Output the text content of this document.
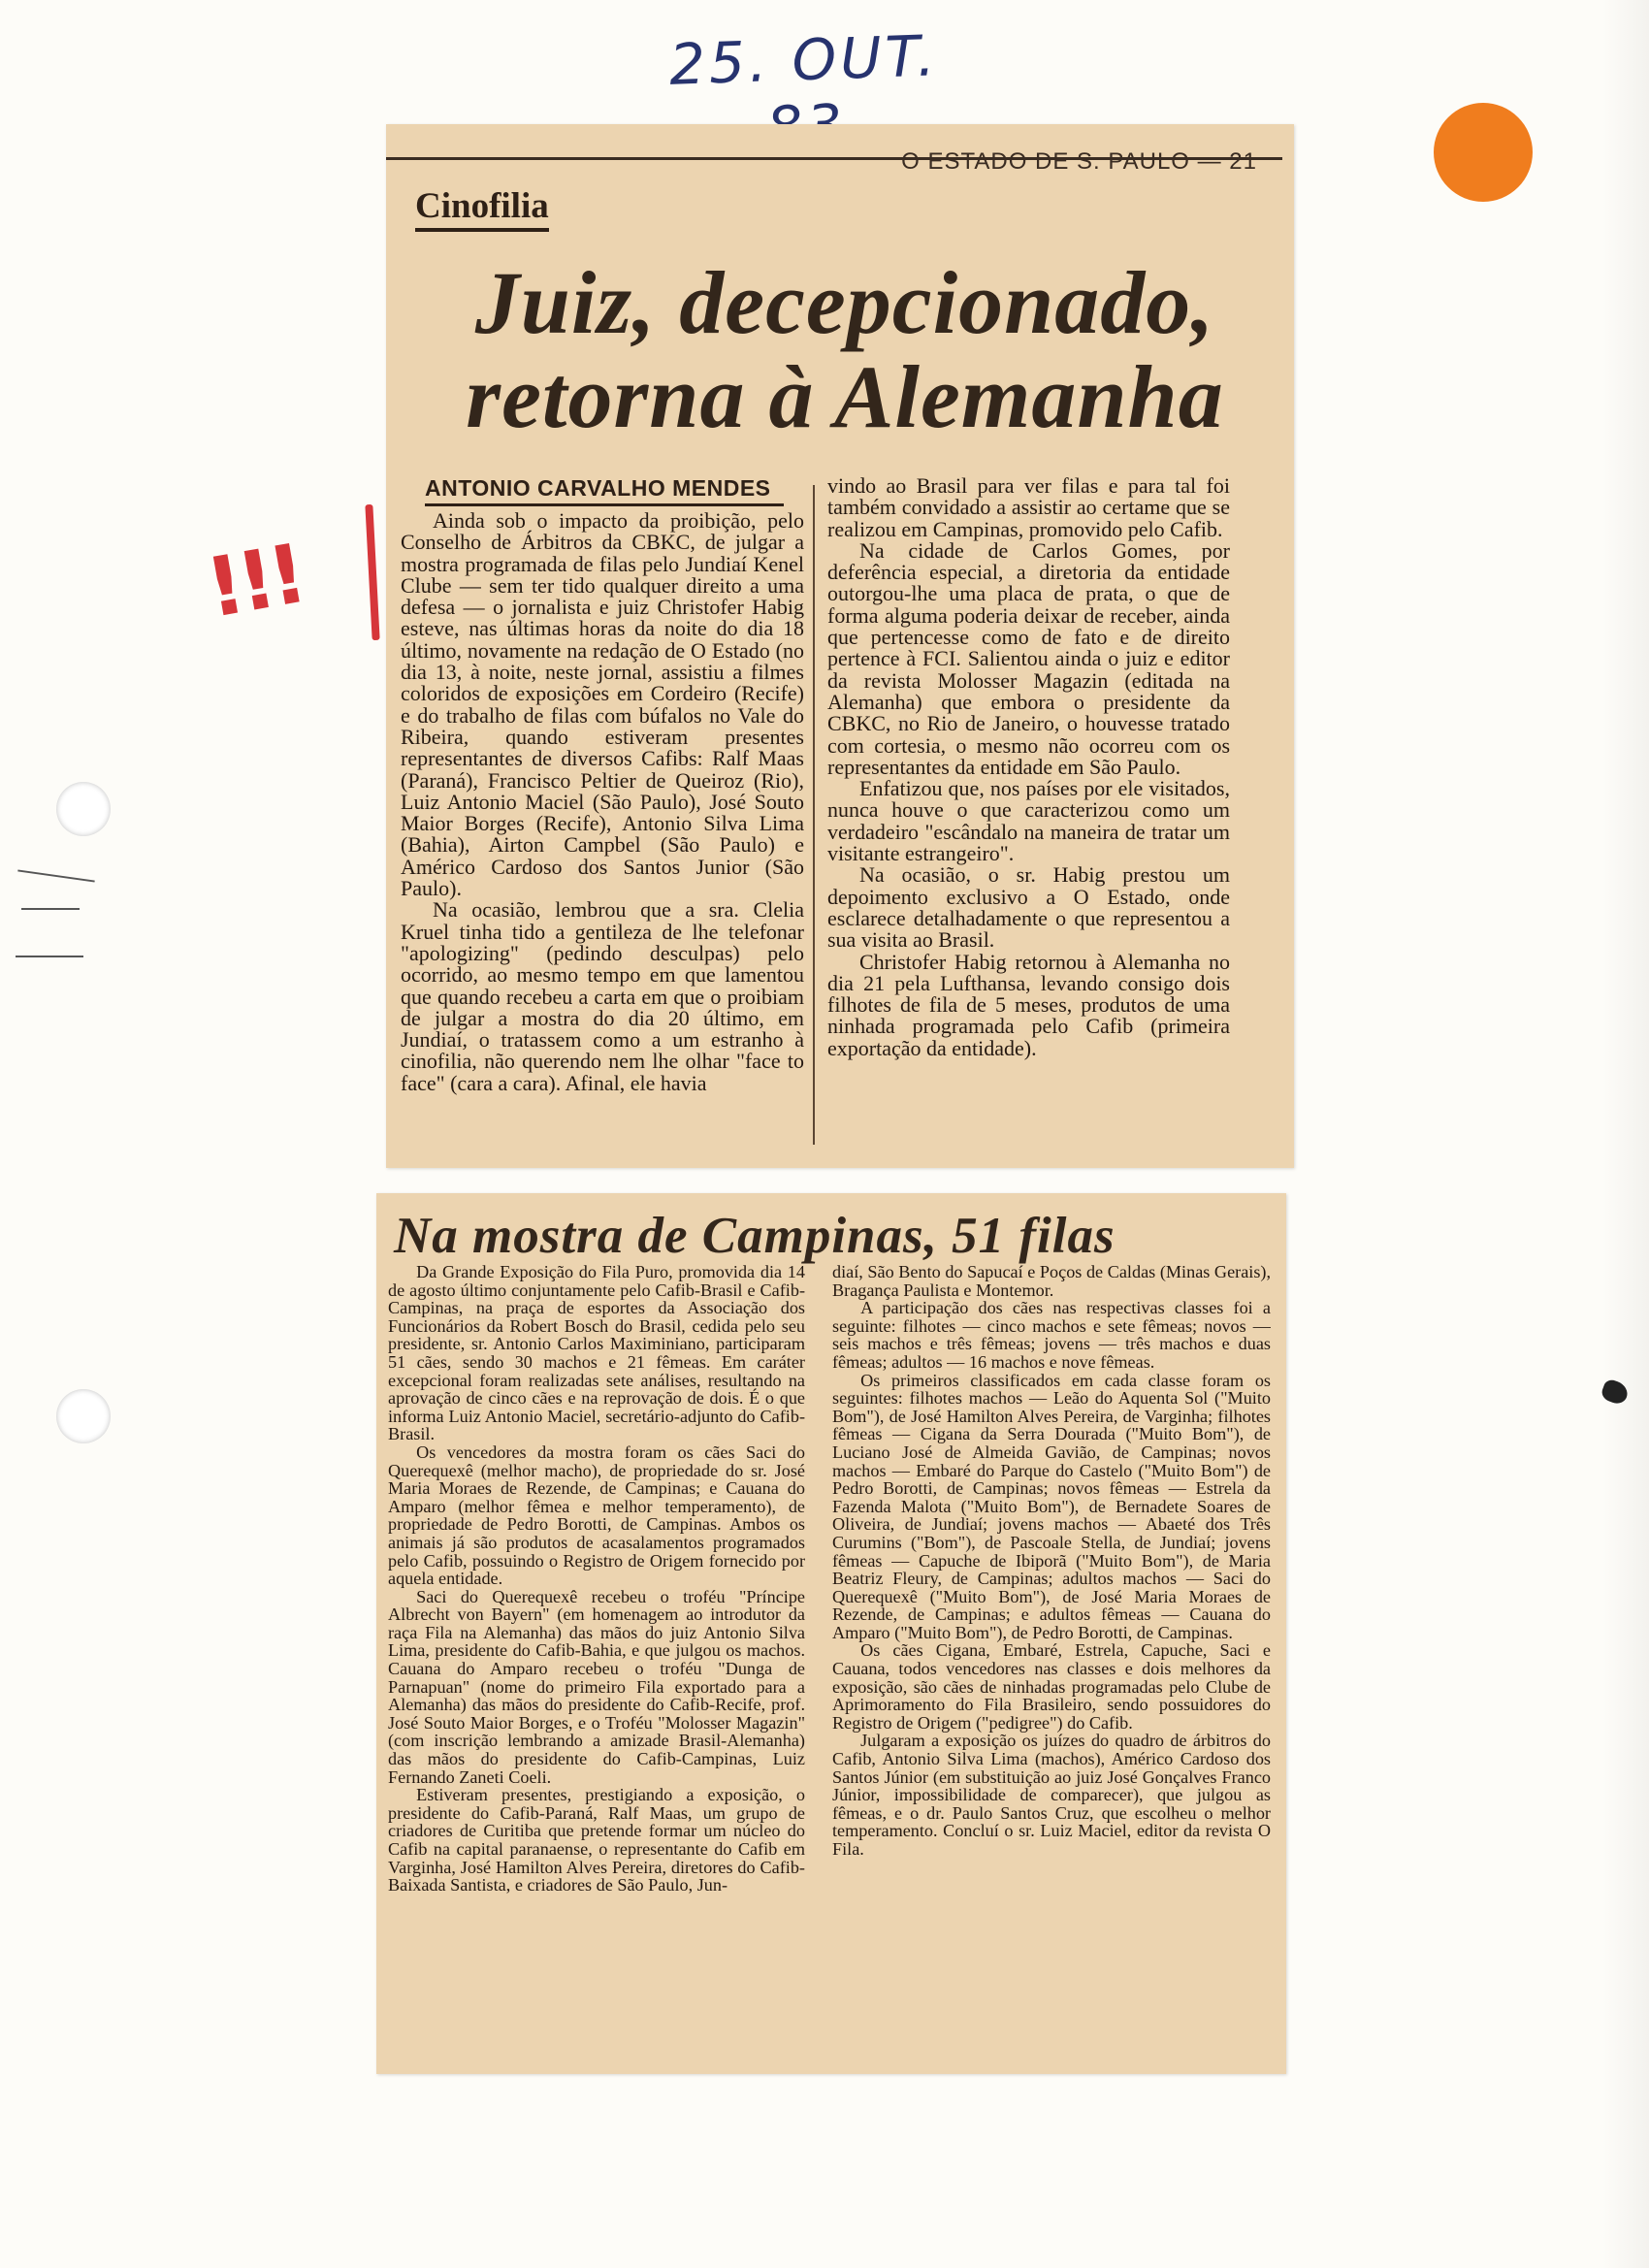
25. OUT.
!!!
O ESTADO DE S. PAULO — 21
Cinofilia
Juiz, decepcionado,
retorna à Alemanha
ANTONIO CARVALHO MENDES

Ainda sob o impacto da proibição, pelo Conselho de Árbitros da CBKC, de julgar a mostra programada de filas pelo Jundiaí Kenel Clube — sem ter tido qualquer direito a uma defesa — o jornalista e juiz Christofer Habig esteve, nas últimas horas da noite do dia 18 último, novamente na redação de O Estado (no dia 13, à noite, neste jornal, assistiu a filmes coloridos de exposições em Cordeiro (Recife) e do trabalho de filas com búfalos no Vale do Ribeira, quando estiveram presentes representantes de diversos Cafibs: Ralf Maas (Paraná), Francisco Peltier de Queiroz (Rio), Luiz Antonio Maciel (São Paulo), José Souto Maior Borges (Recife), Antonio Silva Lima (Bahia), Airton Campbel (São Paulo) e Américo Cardoso dos Santos Junior (São Paulo).

Na ocasião, lembrou que a sra. Clelia Kruel tinha tido a gentileza de lhe telefonar "apologizing" (pedindo desculpas) pelo ocorrido, ao mesmo tempo em que lamentou que quando recebeu a carta em que o proibiam de julgar a mostra do dia 20 último, em Jundiaí, o tratassem como a um estranho à cinofilia, não querendo nem lhe olhar "face to face" (cara a cara). Afinal, ele havia

vindo ao Brasil para ver filas e para tal foi também convidado a assistir ao certame que se realizou em Campinas, promovido pelo Cafib.

Na cidade de Carlos Gomes, por deferência especial, a diretoria da entidade outorgou-lhe uma placa de prata, o que de forma alguma poderia deixar de receber, ainda que pertencesse como de fato e de direito pertence à FCI. Salientou ainda o juiz e editor da revista Molosser Magazin (editada na Alemanha) que embora o presidente da CBKC, no Rio de Janeiro, o houvesse tratado com cortesia, o mesmo não ocorreu com os representantes da entidade em São Paulo.

Enfatizou que, nos países por ele visitados, nunca houve o que caracterizou como um verdadeiro "escândalo na maneira de tratar um visitante estrangeiro".

Na ocasião, o sr. Habig prestou um depoimento exclusivo a O Estado, onde esclarece detalhadamente o que representou a sua visita ao Brasil.

Christofer Habig retornou à Alemanha no dia 21 pela Lufthansa, levando consigo dois filhotes de fila de 5 meses, produtos de uma ninhada programada pelo Cafib (primeira exportação da entidade).

Na mostra de Campinas, 51 filas

Da Grande Exposição do Fila Puro, promovida dia 14 de agosto último conjuntamente pelo Cafib-Brasil e Cafib-Campinas, na praça de esportes da Associação dos Funcionários da Robert Bosch do Brasil, cedida pelo seu presidente, sr. Antonio Carlos Maximiniano, participaram 51 cães, sendo 30 machos e 21 fêmeas. Em caráter excepcional foram realizadas sete análises, resultando na aprovação de cinco cães e na reprovação de dois. É o que informa Luiz Antonio Maciel, secretário-adjunto do Cafib-Brasil.

Os vencedores da mostra foram os cães Saci do Querequexê (melhor macho), de propriedade do sr. José Maria Moraes de Rezende, de Campinas; e Cauana do Amparo (melhor fêmea e melhor temperamento), de propriedade de Pedro Borotti, de Campinas. Ambos os animais já são produtos de acasalamentos programados pelo Cafib, possuindo o Registro de Origem fornecido por aquela entidade.

Saci do Querequexê recebeu o troféu "Príncipe Albrecht von Bayern" (em homenagem ao introdutor da raça Fila na Alemanha) das mãos do juiz Antonio Silva Lima, presidente do Cafib-Bahia, e que julgou os machos. Cauana do Amparo recebeu o troféu "Dunga de Parnapuan" (nome do primeiro Fila exportado para a Alemanha) das mãos do presidente do Cafib-Recife, prof. José Souto Maior Borges, e o Troféu "Molosser Magazin" (com inscrição lembrando a amizade Brasil-Alemanha) das mãos do presidente do Cafib-Campinas, Luiz Fernando Zaneti Coeli.

Estiveram presentes, prestigiando a exposição, o presidente do Cafib-Paraná, Ralf Maas, um grupo de criadores de Curitiba que pretende formar um núcleo do Cafib na capital paranaense, o representante do Cafib em Varginha, José Hamilton Alves Pereira, diretores do Cafib-Baixada Santista, e criadores de São Paulo, Jun-

diaí, São Bento do Sapucaí e Poços de Caldas (Minas Gerais), Bragança Paulista e Montemor.

A participação dos cães nas respectivas classes foi a seguinte: filhotes — cinco machos e sete fêmeas; novos — seis machos e três fêmeas; jovens — três machos e duas fêmeas; adultos — 16 machos e nove fêmeas.

Os primeiros classificados em cada classe foram os seguintes: filhotes machos — Leão do Aquenta Sol ("Muito Bom"), de José Hamilton Alves Pereira, de Varginha; filhotes fêmeas — Cigana da Serra Dourada ("Muito Bom"), de Luciano José de Almeida Gavião, de Campinas; novos machos — Embaré do Parque do Castelo ("Muito Bom") de Pedro Borotti, de Campinas; novos fêmeas — Estrela da Fazenda Malota ("Muito Bom"), de Bernadete Soares de Oliveira, de Jundiaí; jovens machos — Abaeté dos Três Curumins ("Bom"), de Pascoale Stella, de Jundiaí; jovens fêmeas — Capuche de Ibiporã ("Muito Bom"), de Maria Beatriz Fleury, de Campinas; adultos machos — Saci do Querequexê ("Muito Bom"), de José Maria Moraes de Rezende, de Campinas; e adultos fêmeas — Cauana do Amparo ("Muito Bom"), de Pedro Borotti, de Campinas.

Os cães Cigana, Embaré, Estrela, Capuche, Saci e Cauana, todos vencedores nas classes e dois melhores da exposição, são cães de ninhadas programadas pelo Clube de Aprimoramento do Fila Brasileiro, sendo possuidores do Registro de Origem ("pedigree") do Cafib.

Julgaram a exposição os juízes do quadro de árbitros do Cafib, Antonio Silva Lima (machos), Américo Cardoso dos Santos Júnior (em substituição ao juiz José Gonçalves Franco Júnior, impossibilidade de comparecer), que julgou as fêmeas, e o dr. Paulo Santos Cruz, que escolheu o melhor temperamento. Concluí o sr. Luiz Maciel, editor da revista O Fila.
